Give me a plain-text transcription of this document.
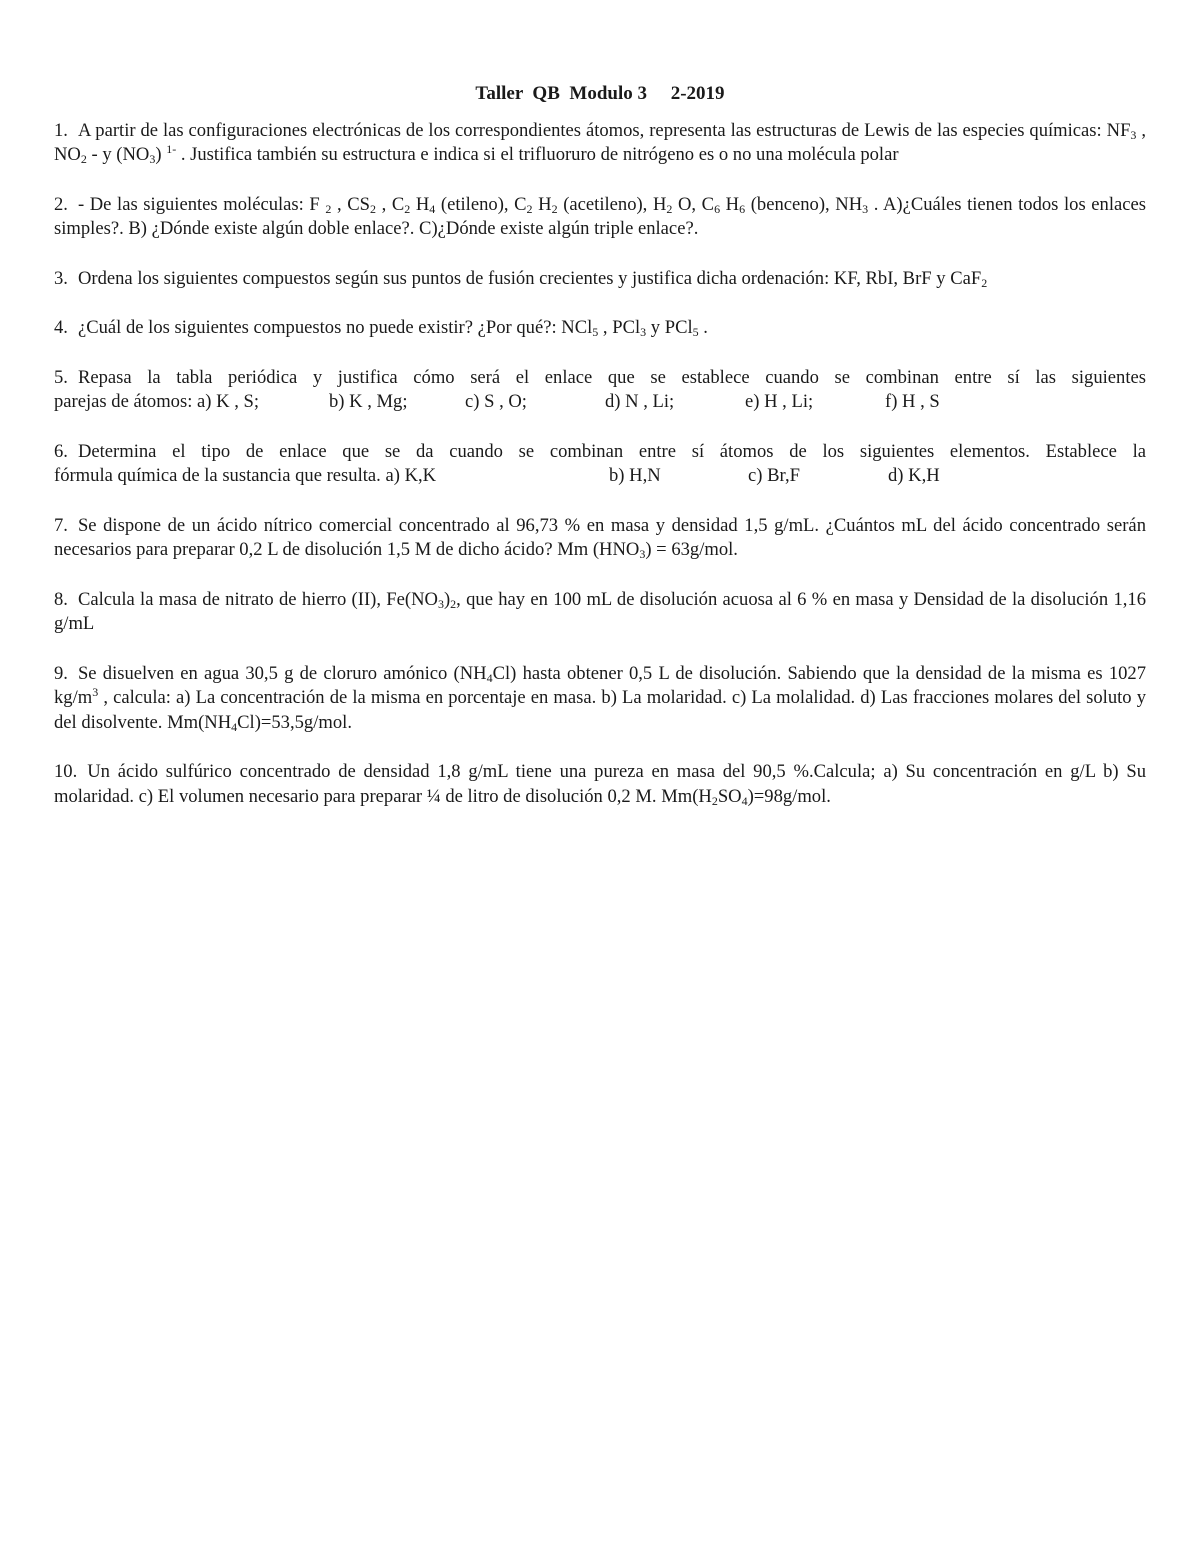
Taller  QB  Modulo 3     2-2019

1. A partir de las configuraciones electrónicas de los correspondientes átomos, representa las estructuras de Lewis de las especies químicas: $NF_3$ , $NO_2$ - y $(NO_3)$ $^{1-}$ . Justifica también su estructura e indica si el trifluoruro de nitrógeno es o no una molécula polar

2. - De las siguientes moléculas: F $_2$ , $CS_2$ , $C_2$ $H_4$ (etileno), $C_2$ $H_2$ (acetileno), $H_2$ O, $C_6$ $H_6$ (benceno), $NH_3$ . A)¿Cuáles tienen todos los enlaces simples?. B) ¿Dónde existe algún doble enlace?. C)¿Dónde existe algún triple enlace?.

3. Ordena los siguientes compuestos según sus puntos de fusión crecientes y justifica dicha ordenación: KF, RbI, BrF y CaF$_2$

4. ¿Cuál de los siguientes compuestos no puede existir? ¿Por qué?: NCl$_5$ , PCl$_3$ y PCl$_5$ .

5. Repasa la tabla periódica y justifica cómo será el enlace que se establece cuando se combinan entre sí las siguientes
parejas de átomos: a) K , S;	b) K , Mg;	c) S , O;	d) N , Li;	e) H , Li;	f) H , S
6. Determina el tipo de enlace que se da cuando se combinan entre sí átomos de los siguientes elementos. Establece la
fórmula química de la sustancia que resulta. a) K,K	b) H,N	c) Br,F	d) K,H

7. Se dispone de un ácido nítrico comercial concentrado al 96,73 % en masa y densidad 1,5 g/mL. ¿Cuántos mL del ácido concentrado serán necesarios para preparar 0,2 L de disolución 1,5 M de dicho ácido? Mm $(HNO_3) = 63g/mol$.

8. Calcula la masa de nitrato de hierro (II), $Fe(NO_3)_2$, que hay en 100 mL de disolución acuosa al 6 % en masa y Densidad de la disolución 1,16 g/mL

9. Se disuelven en agua 30,5 g de cloruro amónico $(NH_4Cl)$ hasta obtener 0,5 L de disolución. Sabiendo que la densidad de la misma es 1027 $kg/m^3$ , calcula: a) La concentración de la misma en porcentaje en masa. b) La molaridad. c) La molalidad. d) Las fracciones molares del soluto y del disolvente. $Mm(NH_4Cl)=53,5g$/mol.

10. Un ácido sulfúrico concentrado de densidad 1,8 g/mL tiene una pureza en masa del 90,5 %.Calcula; a) Su concentración en g/L b) Su molaridad. c) El volumen necesario para preparar ¼ de litro de disolución 0,2 M. $Mm(H_2SO_4)=98g$/mol.
